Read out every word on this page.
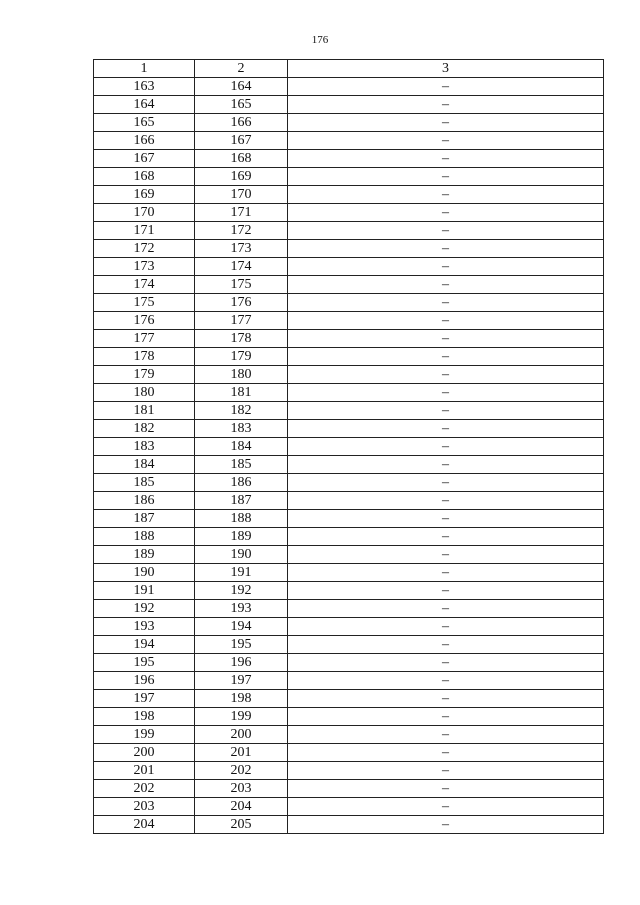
176
1	2	3
163	164	–
164	165	–
165	166	–
166	167	–
167	168	–
168	169	–
169	170	–
170	171	–
171	172	–
172	173	–
173	174	–
174	175	–
175	176	–
176	177	–
177	178	–
178	179	–
179	180	–
180	181	–
181	182	–
182	183	–
183	184	–
184	185	–
185	186	–
186	187	–
187	188	–
188	189	–
189	190	–
190	191	–
191	192	–
192	193	–
193	194	–
194	195	–
195	196	–
196	197	–
197	198	–
198	199	–
199	200	–
200	201	–
201	202	–
202	203	–
203	204	–
204	205	–
